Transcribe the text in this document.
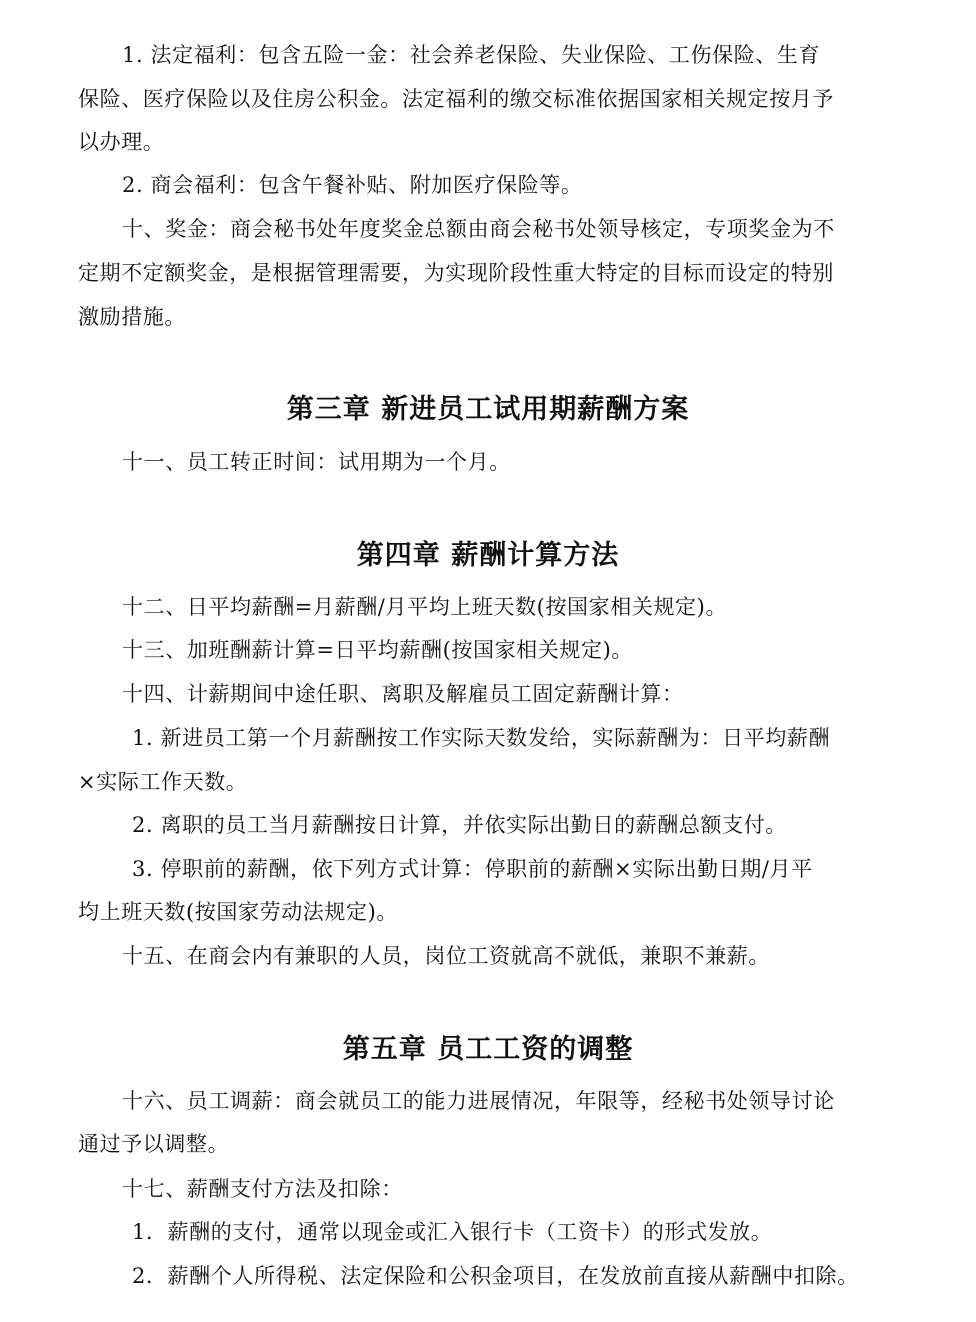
1. 法定福利：包含五险一金：社会养老保险、失业保险、工伤保险、生育
保险、医疗保险以及住房公积金。法定福利的缴交标准依据国家相关规定按月予
以办理。
2. 商会福利：包含午餐补贴、附加医疗保险等。
十、奖金：商会秘书处年度奖金总额由商会秘书处领导核定，专项奖金为不
定期不定额奖金，是根据管理需要，为实现阶段性重大特定的目标而设定的特别
激励措施。
第三章 新进员工试用期薪酬方案
十一、员工转正时间：试用期为一个月。
第四章 薪酬计算方法
十二、日平均薪酬=月薪酬/月平均上班天数(按国家相关规定)。
十三、加班酬薪计算=日平均薪酬(按国家相关规定)。
十四、计薪期间中途任职、离职及解雇员工固定薪酬计算：
1. 新进员工第一个月薪酬按工作实际天数发给，实际薪酬为：日平均薪酬
×实际工作天数。
2. 离职的员工当月薪酬按日计算，并依实际出勤日的薪酬总额支付。
3. 停职前的薪酬，依下列方式计算：停职前的薪酬×实际出勤日期/月平
均上班天数(按国家劳动法规定)。
十五、在商会内有兼职的人员，岗位工资就高不就低，兼职不兼薪。
第五章 员工工资的调整
十六、员工调薪：商会就员工的能力进展情况，年限等，经秘书处领导讨论
通过予以调整。
十七、薪酬支付方法及扣除：
1．薪酬的支付，通常以现金或汇入银行卡（工资卡）的形式发放。
2．薪酬个人所得税、法定保险和公积金项目，在发放前直接从薪酬中扣除。
